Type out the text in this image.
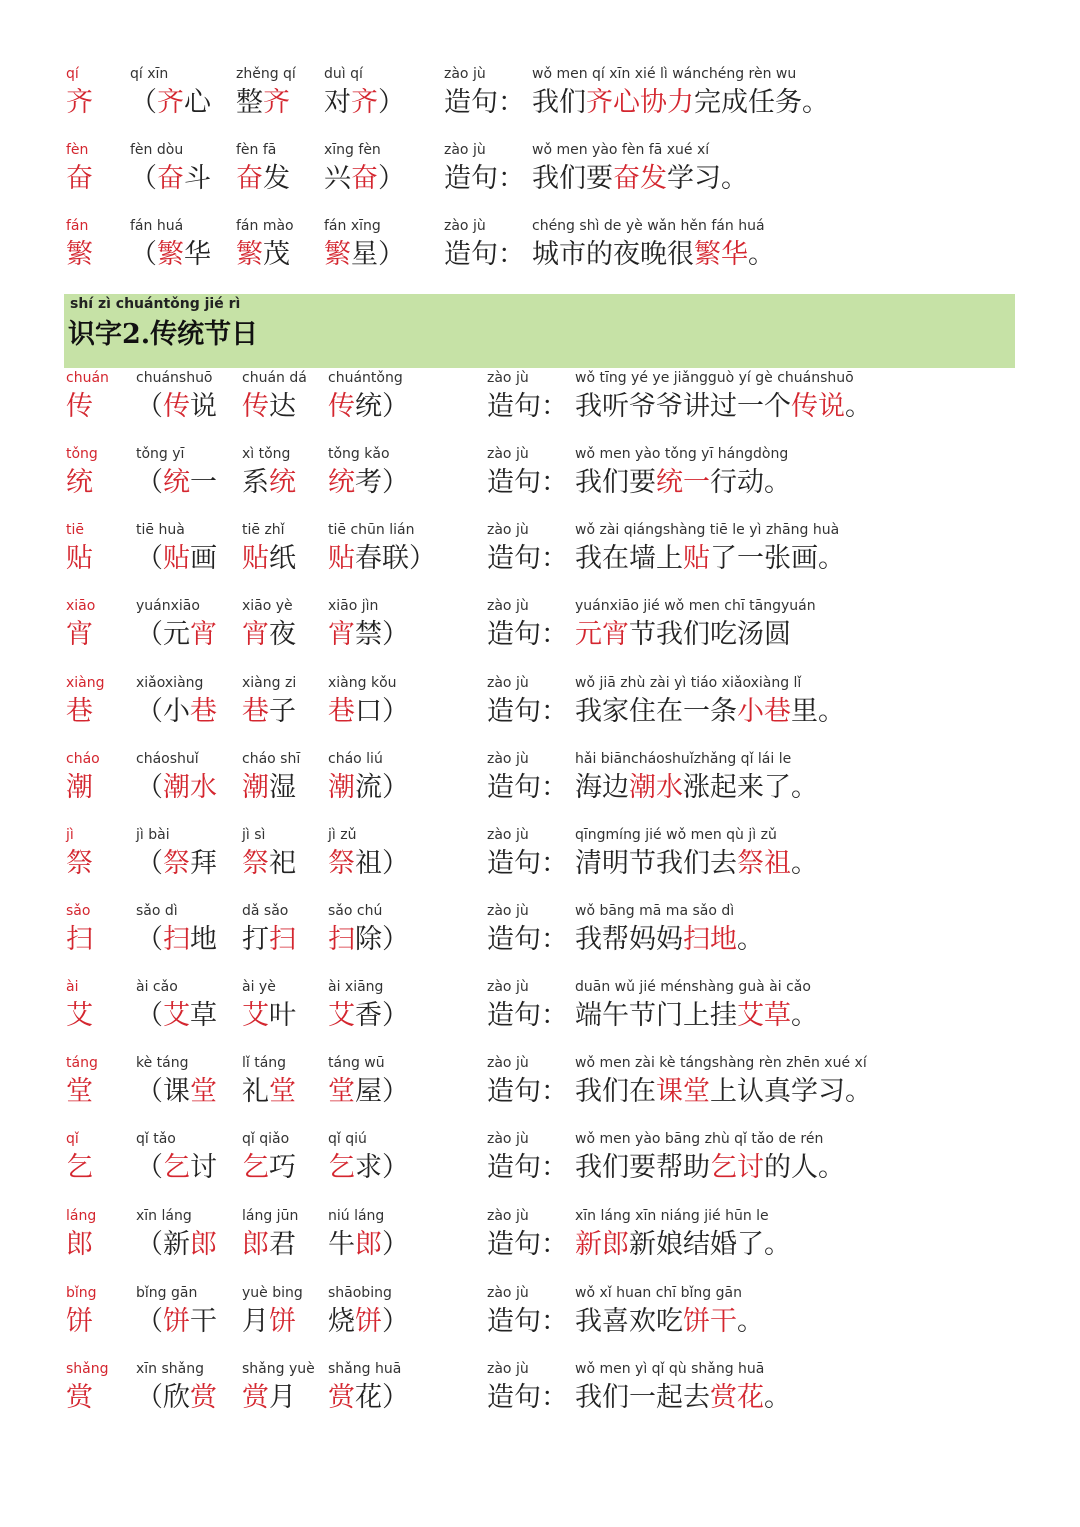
shí zì chuántǒng jié rì
识字2.传统节日
qí
齐
qí xīn
（齐心
zhěng qí
整齐
duì qí
对齐）
zào jù
造句：
wǒ men qí xīn xié lì wánchéng rèn wu
我们齐心协力完成任务。
fèn
奋
fèn dòu
（奋斗
fèn fā
奋发
xīng fèn
兴奋）
zào jù
造句：
wǒ men yào fèn fā xué xí
我们要奋发学习。
fán
繁
fán huá
（繁华
fán mào
繁茂
fán xīng
繁星）
zào jù
造句：
chéng shì de yè wǎn hěn fán huá
城市的夜晚很繁华。
chuán
传
chuánshuō
（传说
chuán dá
传达
chuántǒng
传统）
zào jù
造句：
wǒ tīng yé ye jiǎngguò yí gè chuánshuō
我听爷爷讲过一个传说。
tǒng
统
tǒng yī
（统一
xì tǒng
系统
tǒng kǎo
统考）
zào jù
造句：
wǒ men yào tǒng yī hángdòng
我们要统一行动。
tiē
贴
tiē huà
（贴画
tiē zhǐ
贴纸
tiē chūn lián
贴春联）
zào jù
造句：
wǒ zài qiángshàng tiē le yì zhāng huà
我在墙上贴了一张画。
xiāo
宵
yuánxiāo
（元宵
xiāo yè
宵夜
xiāo jìn
宵禁）
zào jù
造句：
yuánxiāo jié wǒ men chī tāngyuán
元宵节我们吃汤圆
xiàng
巷
xiǎoxiàng
（小巷
xiàng zi
巷子
xiàng kǒu
巷口）
zào jù
造句：
wǒ jiā zhù zài yì tiáo xiǎoxiàng lǐ
我家住在一条小巷里。
cháo
潮
cháoshuǐ
（潮水
cháo shī
潮湿
cháo liú
潮流）
zào jù
造句：
hǎi biāncháoshuǐzhǎng qǐ lái le
海边潮水涨起来了。
jì
祭
jì bài
（祭拜
jì sì
祭祀
jì zǔ
祭祖）
zào jù
造句：
qīngmíng jié wǒ men qù jì zǔ
清明节我们去祭祖。
sǎo
扫
sǎo dì
（扫地
dǎ sǎo
打扫
sǎo chú
扫除）
zào jù
造句：
wǒ bāng mā ma sǎo dì
我帮妈妈扫地。
ài
艾
ài cǎo
（艾草
ài yè
艾叶
ài xiāng
艾香）
zào jù
造句：
duān wǔ jié ménshàng guà ài cǎo
端午节门上挂艾草。
táng
堂
kè táng
（课堂
lǐ táng
礼堂
táng wū
堂屋）
zào jù
造句：
wǒ men zài kè tángshàng rèn zhēn xué xí
我们在课堂上认真学习。
qǐ
乞
qǐ tǎo
（乞讨
qǐ qiǎo
乞巧
qǐ qiú
乞求）
zào jù
造句：
wǒ men yào bāng zhù qǐ tǎo de rén
我们要帮助乞讨的人。
láng
郎
xīn láng
（新郎
láng jūn
郎君
niú láng
牛郎）
zào jù
造句：
xīn láng xīn niáng jié hūn le
新郎新娘结婚了。
bǐng
饼
bǐng gān
（饼干
yuè bing
月饼
shāobing
烧饼）
zào jù
造句：
wǒ xǐ huan chī bǐng gān
我喜欢吃饼干。
shǎng
赏
xīn shǎng
（欣赏
shǎng yuè
赏月
shǎng huā
赏花）
zào jù
造句：
wǒ men yì qǐ qù shǎng huā
我们一起去赏花。
